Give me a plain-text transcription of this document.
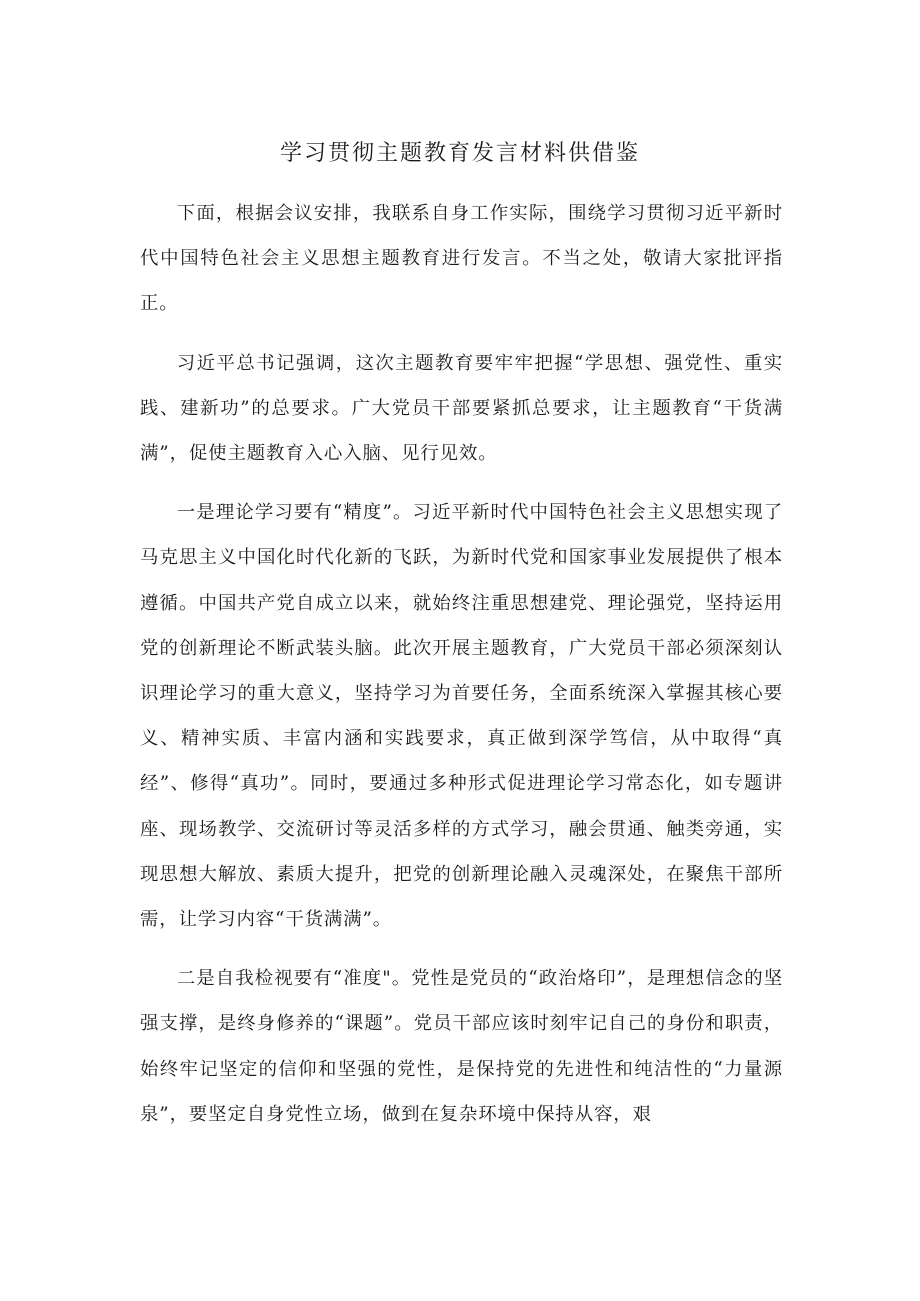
学习贯彻主题教育发言材料供借鉴

下面，根据会议安排，我联系自身工作实际，围绕学习贯彻习近平新时代中国特色社会主义思想主题教育进行发言。不当之处，敬请大家批评指正。

习近平总书记强调，这次主题教育要牢牢把握“学思想、强党性、重实践、建新功”的总要求。广大党员干部要紧抓总要求，让主题教育“干货满满”，促使主题教育入心入脑、见行见效。

一是理论学习要有“精度”。习近平新时代中国特色社会主义思想实现了马克思主义中国化时代化新的飞跃，为新时代党和国家事业发展提供了根本遵循。中国共产党自成立以来，就始终注重思想建党、理论强党，坚持运用党的创新理论不断武装头脑。此次开展主题教育，广大党员干部必须深刻认识理论学习的重大意义，坚持学习为首要任务，全面系统深入掌握其核心要义、精神实质、丰富内涵和实践要求，真正做到深学笃信，从中取得“真经”、修得“真功”。同时，要通过多种形式促进理论学习常态化，如专题讲座、现场教学、交流研讨等灵活多样的方式学习，融会贯通、触类旁通，实现思想大解放、素质大提升，把党的创新理论融入灵魂深处，在聚焦干部所需，让学习内容“干货满满”。

二是自我检视要有“准度"。党性是党员的“政治烙印”，是理想信念的坚强支撑，是终身修养的“课题”。党员干部应该时刻牢记自己的身份和职责，始终牢记坚定的信仰和坚强的党性，是保持党的先进性和纯洁性的“力量源泉”，要坚定自身党性立场，做到在复杂环境中保持从容，艰
